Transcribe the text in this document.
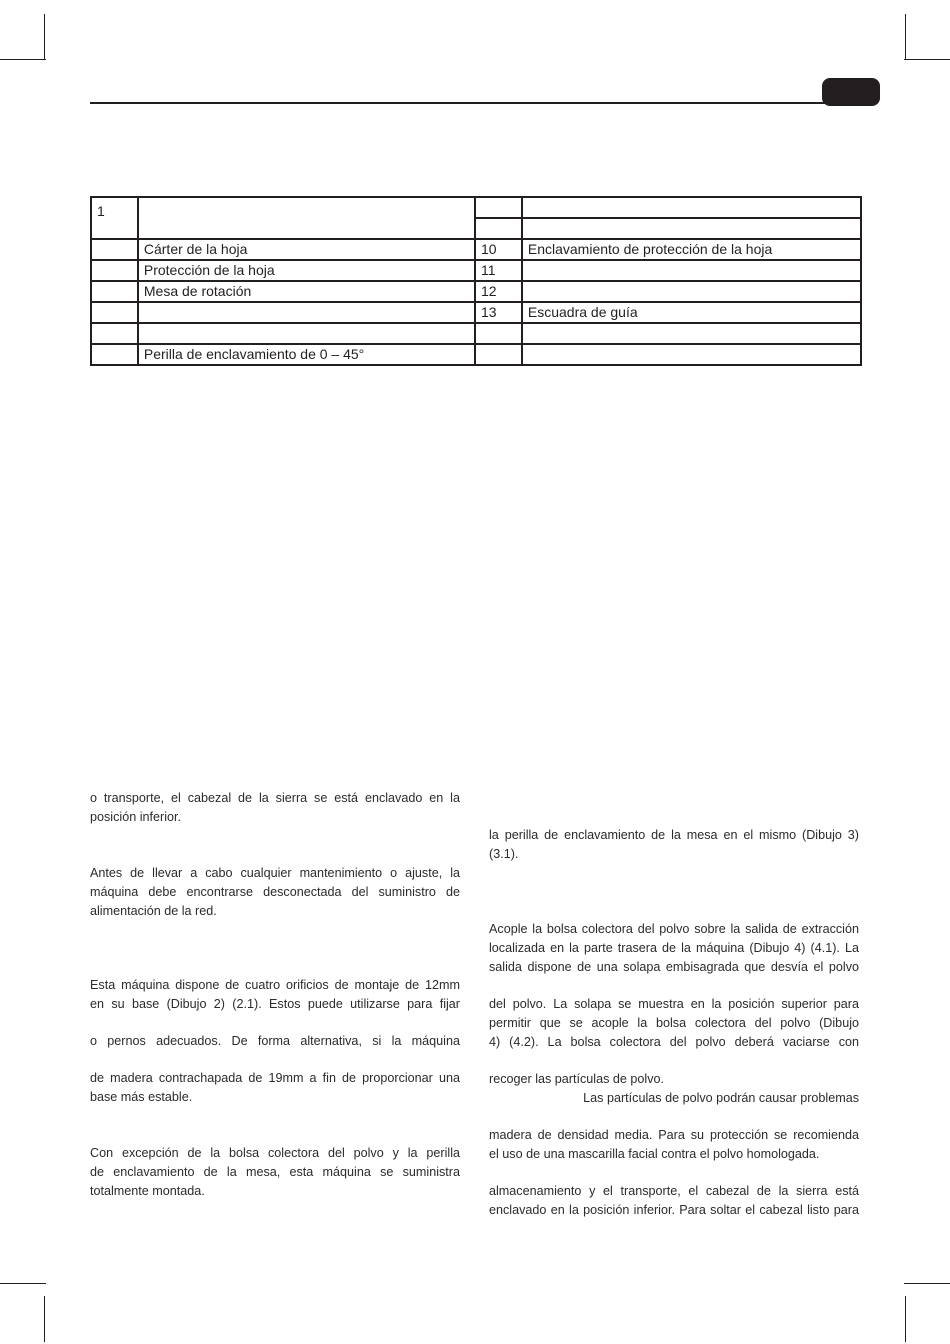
1			

	Cárter de la hoja	10	Enclavamiento de protección de la hoja
	Protección de la hoja	11	
	Mesa de rotación	12	
		13	Escuadra de guía

	Perilla de enclavamiento de 0 – 45°		
o transporte, el cabezal de la sierra se está enclavado en la
posición inferior.
Antes de llevar a cabo cualquier mantenimiento o ajuste, la
máquina debe encontrarse desconectada del suministro de
alimentación de la red.
Esta máquina dispone de cuatro orificios de montaje de 12mm
en su base (Dibujo 2) (2.1). Estos puede utilizarse para fijar
o pernos adecuados. De forma alternativa, si la máquina
de madera contrachapada de 19mm a fin de proporcionar una
base más estable.
Con excepción de la bolsa colectora del polvo y la perilla
de enclavamiento de la mesa, esta máquina se suministra
totalmente montada.
la perilla de enclavamiento de la mesa en el mismo (Dibujo 3)
(3.1).
Acople la bolsa colectora del polvo sobre la salida de extracción
localizada en la parte trasera de la máquina (Dibujo 4) (4.1). La
salida dispone de una solapa embisagrada que desvía el polvo
del polvo. La solapa se muestra en la posición superior para
permitir que se acople la bolsa colectora del polvo (Dibujo
4) (4.2). La bolsa colectora del polvo deberá vaciarse con
recoger las partículas de polvo.
Las partículas de polvo podrán causar problemas
madera de densidad media. Para su protección se recomienda
el uso de una mascarilla facial contra el polvo homologada.
almacenamiento y el transporte, el cabezal de la sierra está
enclavado en la posición inferior. Para soltar el cabezal listo para
